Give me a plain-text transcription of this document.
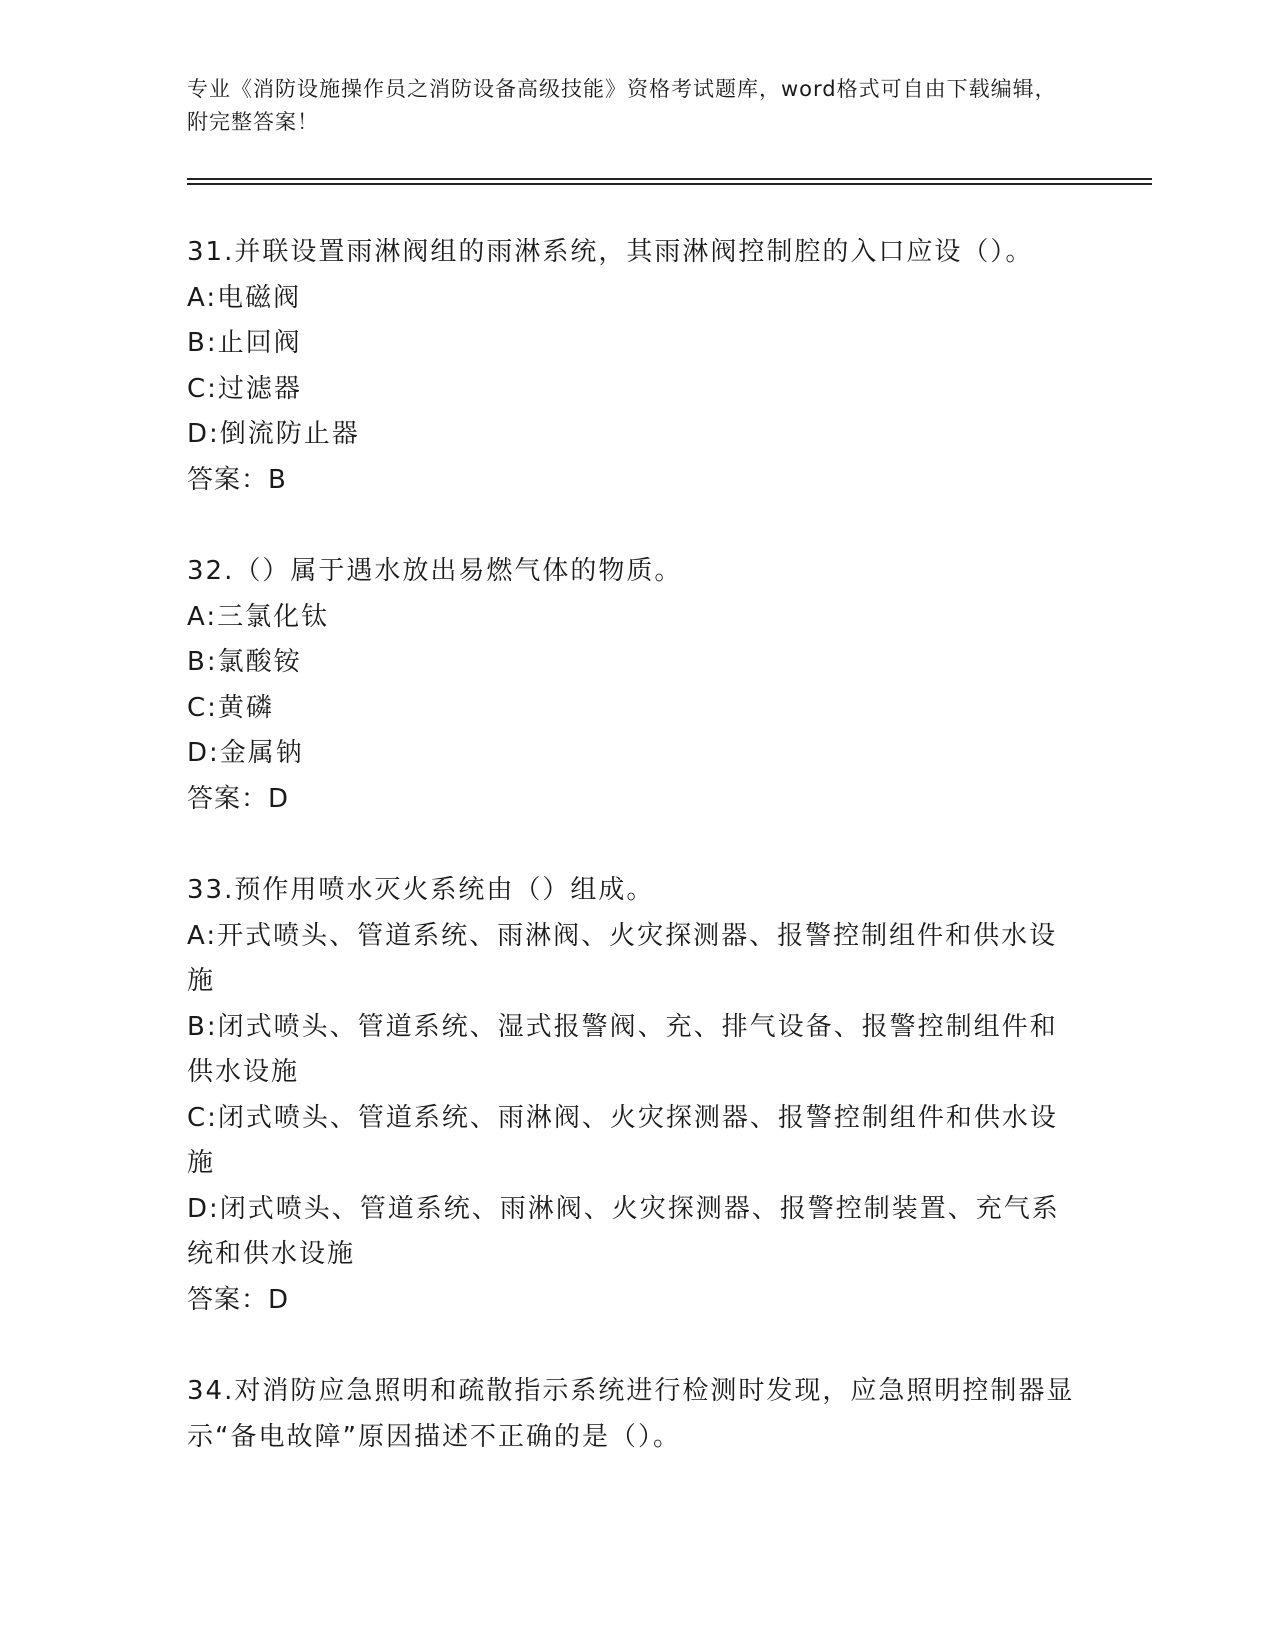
专业《消防设施操作员之消防设备高级技能》资格考试题库，word格式可自由下载编辑，附完整答案！

31.并联设置雨淋阀组的雨淋系统，其雨淋阀控制腔的入口应设（）。

A:电磁阀

B:止回阀

C:过滤器

D:倒流防止器

答案：B

32.（）属于遇水放出易燃气体的物质。

A:三氯化钛

B:氯酸铵

C:黄磷

D:金属钠

答案：D

33.预作用喷水灭火系统由（）组成。

A:开式喷头、管道系统、雨淋阀、火灾探测器、报警控制组件和供水设施

B:闭式喷头、管道系统、湿式报警阀、充、排气设备、报警控制组件和供水设施

C:闭式喷头、管道系统、雨淋阀、火灾探测器、报警控制组件和供水设施

D:闭式喷头、管道系统、雨淋阀、火灾探测器、报警控制装置、充气系统和供水设施

答案：D

34.对消防应急照明和疏散指示系统进行检测时发现，应急照明控制器显示“备电故障”原因描述不正确的是（）。
